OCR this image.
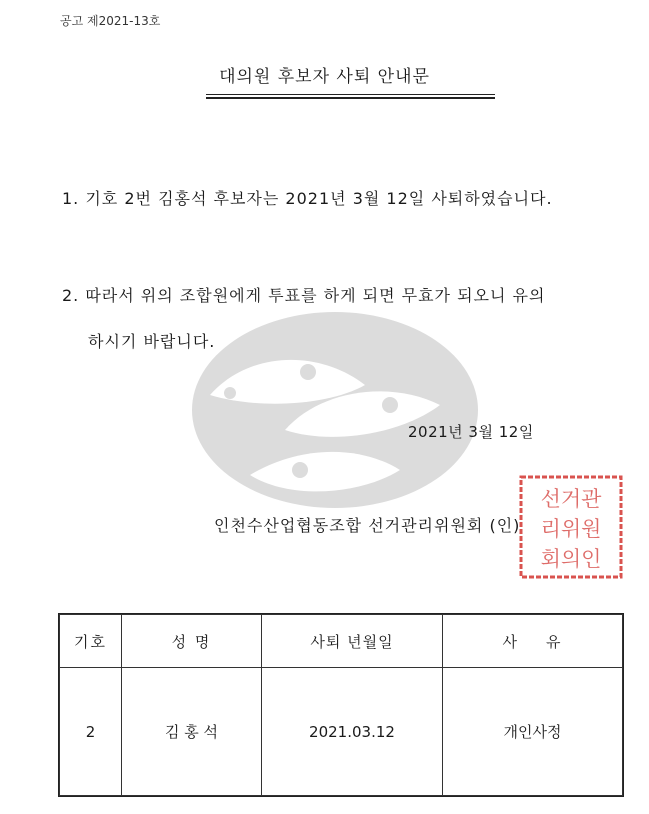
공고 제2021-13호
대의원 후보자 사퇴 안내문
1. 기호 2번 김홍석 후보자는 2021년 3월 12일 사퇴하였습니다.
2. 따라서 위의 조합원에게 투표를 하게 되면 무효가 되오니 유의
하시기 바랍니다.
2021년 3월 12일
인천수산업협동조합 선거관리위원회 (인)
선거관
리위원
회의인
기호	성 명	사퇴 년월일	사    유
2	김 홍 석	2021.03.12	개인사정
